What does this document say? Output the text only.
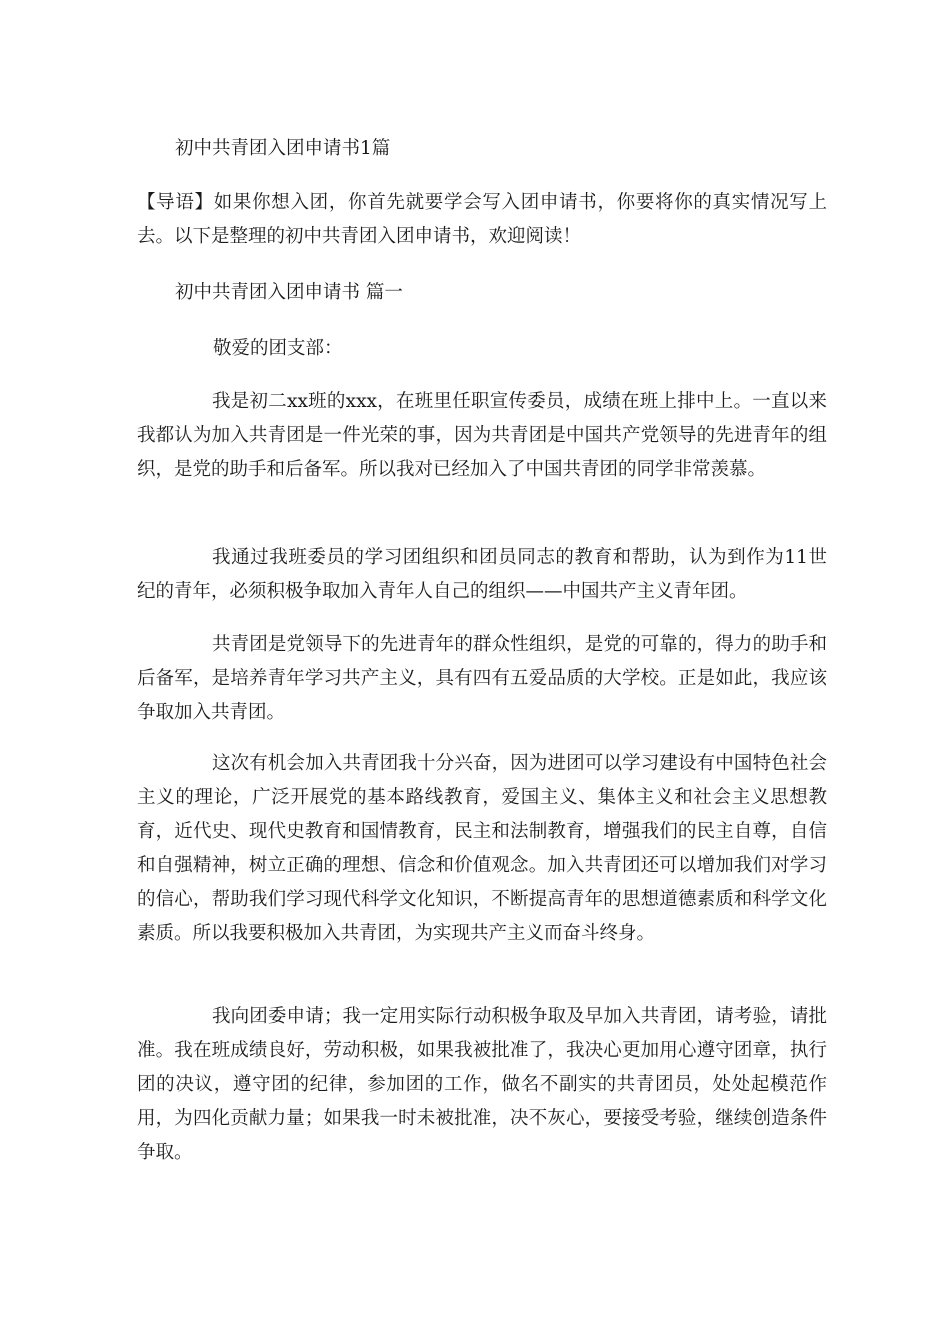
初中共青团入团申请书1篇

【导语】如果你想入团，你首先就要学会写入团申请书，你要将你的真实情况写上去。以下是整理的初中共青团入团申请书，欢迎阅读！

初中共青团入团申请书 篇一

敬爱的团支部：

我是初二xx班的xxx，在班里任职宣传委员，成绩在班上排中上。一直以来我都认为加入共青团是一件光荣的事，因为共青团是中国共产党领导的先进青年的组织，是党的助手和后备军。所以我对已经加入了中国共青团的同学非常羡慕。

我通过我班委员的学习团组织和团员同志的教育和帮助，认为到作为11世纪的青年，必须积极争取加入青年人自己的组织——中国共产主义青年团。

共青团是党领导下的先进青年的群众性组织，是党的可靠的，得力的助手和后备军，是培养青年学习共产主义，具有四有五爱品质的大学校。正是如此，我应该争取加入共青团。

这次有机会加入共青团我十分兴奋，因为进团可以学习建设有中国特色社会主义的理论，广泛开展党的基本路线教育，爱国主义、集体主义和社会主义思想教育，近代史、现代史教育和国情教育，民主和法制教育，增强我们的民主自尊，自信和自强精神，树立正确的理想、信念和价值观念。加入共青团还可以增加我们对学习的信心，帮助我们学习现代科学文化知识，不断提高青年的思想道德素质和科学文化素质。所以我要积极加入共青团，为实现共产主义而奋斗终身。

我向团委申请；我一定用实际行动积极争取及早加入共青团，请考验，请批准。我在班成绩良好，劳动积极，如果我被批准了，我决心更加用心遵守团章，执行团的决议，遵守团的纪律，参加团的工作，做名不副实的共青团员，处处起模范作用，为四化贡献力量；如果我一时未被批准，决不灰心，要接受考验，继续创造条件争取。
